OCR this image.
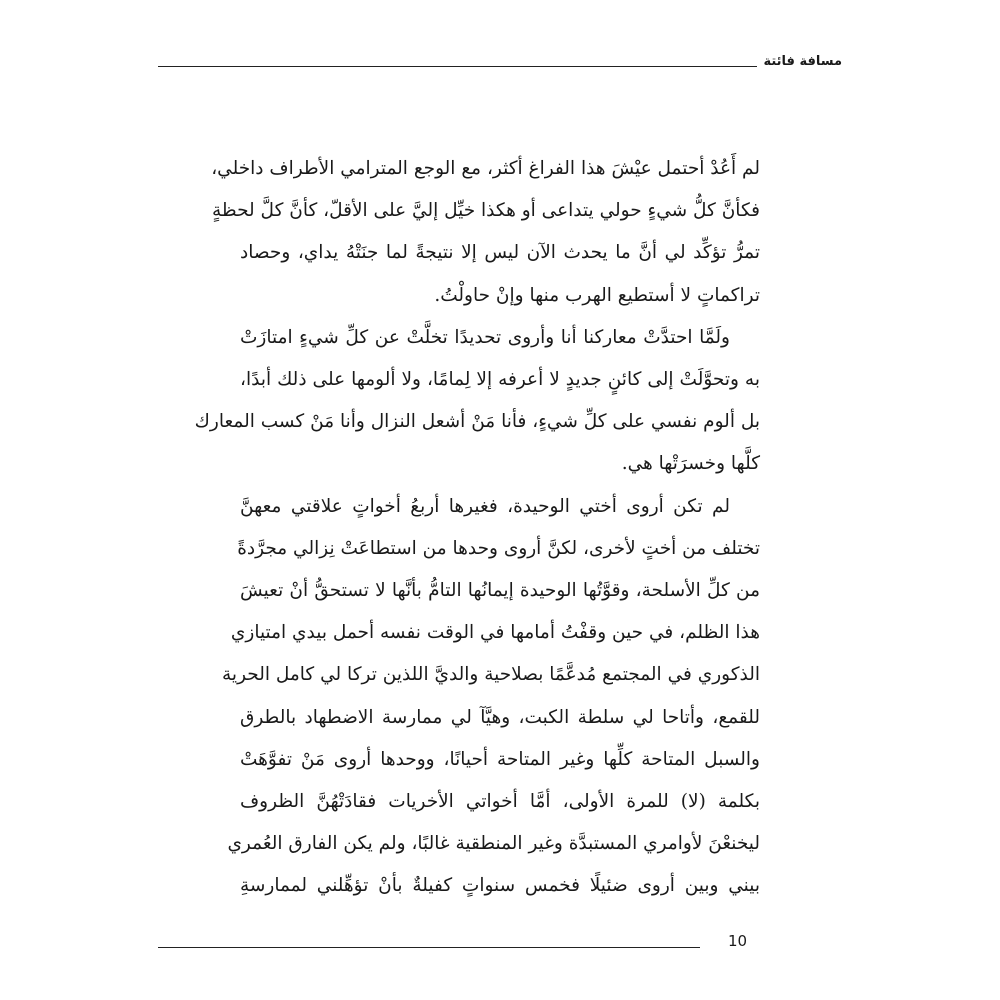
مسافة فائتة

لم أَعُدْ أحتمل عيْشَ هذا الفراغ أكثر، مع الوجع المترامي الأطراف داخلي،
فكأنَّ كلُّ شيءٍ حولي يتداعى أو هكذا خيِّل إليَّ على الأقلّ، كأنَّ كلَّ لحظةٍ
تمرُّ تؤكِّد لي أنَّ ما يحدث الآن ليس إلا نتيجةً لما جنَتْهُ يداي، وحصاد
تراكماتٍ لا أستطيع الهرب منها وإنْ حاولْتُ.

ولَمَّا احتدَّتْ معاركنا أنا وأروى تحديدًا تخلَّتْ عن كلِّ شيءٍ امتازَتْ
به وتحوَّلَتْ إلى كائنٍ جديدٍ لا أعرفه إلا لِمامًا، ولا ألومها على ذلك أبدًا،
بل ألوم نفسي على كلِّ شيءٍ، فأنا مَنْ أشعل النزال وأنا مَنْ كسب المعارك
كلَّها وخسرَتْها هي.

لم تكن أروى أختي الوحيدة، فغيرها أربعُ أخواتٍ علاقتي معهنَّ
تختلف من أختٍ لأخرى، لكنَّ أروى وحدها من استطاعَتْ نِزالي مجرَّدةً
من كلِّ الأسلحة، وقوَّتُها الوحيدة إيمانُها التامُّ بأنَّها لا تستحقُّ أنْ تعيشَ
هذا الظلم، في حين وقفْتُ أمامها في الوقت نفسه أحمل بيدي امتيازي
الذكوري في المجتمع مُدعَّمًا بصلاحية والديَّ اللذين تركا لي كامل الحرية
للقمع، وأتاحا لي سلطة الكبت، وهيَّآ لي ممارسة الاضطهاد بالطرق
والسبل المتاحة كلِّها وغير المتاحة أحيانًا، ووحدها أروى مَنْ تفوَّهَتْ
بكلمة (لا) للمرة الأولى، أمَّا أخواتي الأخريات فقادَتْهُنَّ الظروف
ليخنعْنَ لأوامري المستبدَّة وغير المنطقية غالبًا، ولم يكن الفارق العُمري
بيني وبين أروى ضئيلًا فخمس سنواتٍ كفيلةٌ بأنْ تؤهِّلني لممارسةِ

10
